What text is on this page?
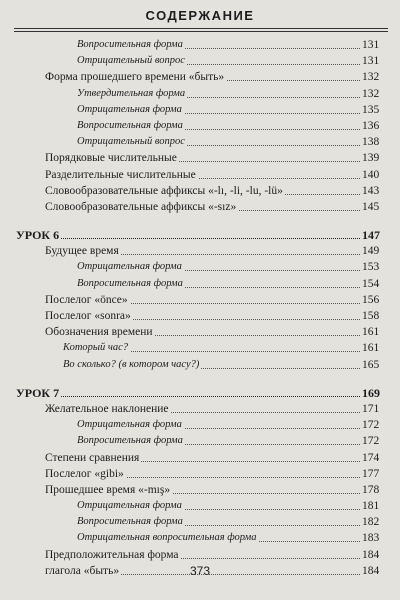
СОДЕРЖАНИЕ
Вопросительная форма	131
Отрицательный вопрос	131
Форма прошедшего времени «быть»	132
Утвердительная форма	132
Отрицательная форма	135
Вопросительная форма	136
Отрицательный вопрос	138
Порядковые числительные	139
Разделительные числительные	140
Словообразовательные аффиксы «-lı, -li, -lu, -lü»	143
Словообразовательные аффиксы «-sız»	145
УРОК 6	147
Будущее время	149
Отрицательная форма	153
Вопросительная форма	154
Послелог «önce»	156
Послелог «sonra»	158
Обозначения времени	161
Который час?	161
Во сколько? (в котором часу?)	165
УРОК 7	169
Желательное наклонение	171
Отрицательная форма	172
Вопросительная форма	172
Степени сравнения	174
Послелог «gibi»	177
Прошедшее время «-mış»	178
Отрицательная форма	181
Вопросительная форма	182
Отрицательная вопросительная форма	183
Предположительная форма	184
глагола «быть»	184
373
